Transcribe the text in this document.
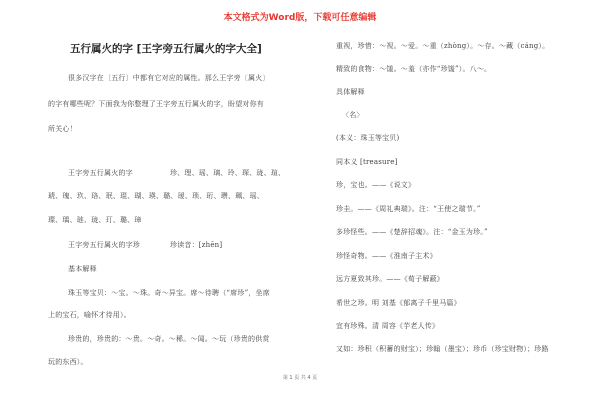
本文格式为Word版，下载可任意编辑
五行属火的字 [王字旁五行属火的字大全]
很多汉字在〔五行〕中都有它对应的属性。那么王字旁〔属火〕
的字有哪些呢？下面我为你整理了王字旁五行属火的字，盼望对你有
所关心！
王字旁五行属火的字	珍、理、瑶、璃、玲、琛、珑、瑄、
琥、瑰、玖、珞、珉、琨、瑚、瑛、璐、瑷、琐、珩、瓒、珮、瑶、
璨、瑀、琏、珑、玎、璐、璋
王字旁五行属火的字珍	珍读音：[zhēn]
基本解释
珠玉等宝贝：～宝。～珠。奇～异宝。席～待聘（“席珍”，坐席
上的宝石，喻怀才待用）。
珍贵的，珍贵的：～贵。～奇。～稀。～闻。～玩（珍贵的供赏
玩的东西）。
重视，珍惜：～视。～爱。～重（zhòng）。～存。～藏（cáng）。
精致的食物：～馐。～羞（亦作“珍馐”）。八～。
具体解释
〈名〉
(本义：珠玉等宝贝)
同本义 [treasure]
珍，宝也。——《说文》
珍圭。——《周礼典瑞》。注：“王使之瑞节。”
多珍怪些。——《楚辞招魂》。注：“金玉为珍。”
珍怪奇物。——《淮南子主术》
远方夏致其珍。——《荀子解蔽》
希世之珍。明 刘基《郁离子千里马篇》
宜有珍殊。清 周容《芋老人传》
又如：珍积（积蓄的财宝）；珍翰（墨宝）；珍币（珍宝财物）；珍路
第 1 页 共 4 页
